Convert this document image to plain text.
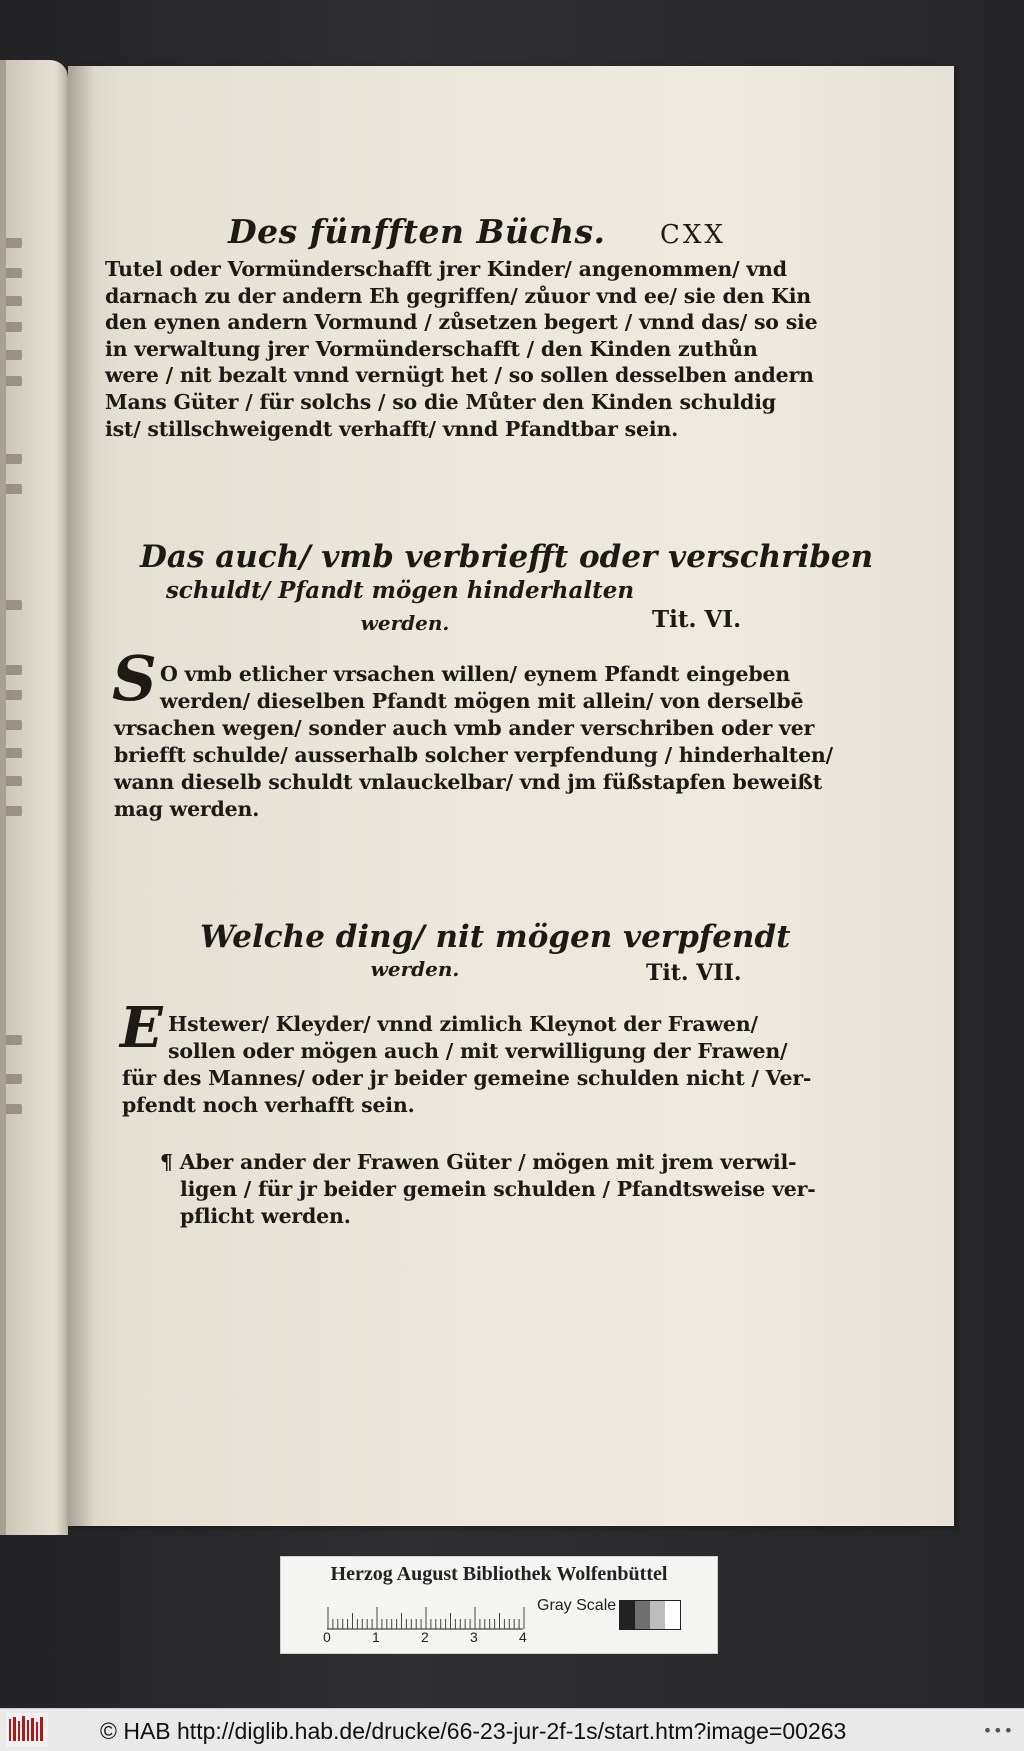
Des fünfften Büchs. CXX
Tutel oder Vormünderschafft jrer Kinder/ angenommen/ vnd
darnach zu der andern Eh gegriffen/ zůuor vnd ee/ sie den Kin
den eynen andern Vormund / zůsetzen begert / vnnd das/ so sie
in verwaltung jrer Vormünderschafft / den Kinden zuthůn
were / nit bezalt vnnd vernügt het / so sollen desselben andern
Mans Güter / für solchs / so die Můter den Kinden schuldig
ist/ stillschweigendt verhafft/ vnnd Pfandtbar sein.
Das auch/ vmb verbriefft oder verschriben
schuldt/ Pfandt mögen hinderhalten
werden.	Tit. VI.
S O vmb etlicher vrsachen willen/ eynem Pfandt eingeben
werden/ dieselben Pfandt mögen mit allein/ von derselbē
vrsachen wegen/ sonder auch vmb ander verschriben oder ver
briefft schulde/ ausserhalb solcher verpfendung / hinderhalten/
wann dieselb schuldt vnlauckelbar/ vnd jm füßstapfen beweißt
mag werden.
Welche ding/ nit mögen verpfendt
werden.	Tit. VII.
E Hstewer/ Kleyder/ vnnd zimlich Kleynot der Frawen/
sollen oder mögen auch / mit verwilligung der Frawen/
für des Mannes/ oder jr beider gemeine schulden nicht / Ver-
pfendt noch verhafft sein.
¶ Aber ander der Frawen Güter / mögen mit jrem verwil-
ligen / für jr beider gemein schulden / Pfandtsweise ver-
pflicht werden.
Herzog August Bibliothek Wolfenbüttel
0	1	2	3	4
Gray Scale
© HAB http://diglib.hab.de/drucke/66-23-jur-2f-1s/start.htm?image=00263	•••
